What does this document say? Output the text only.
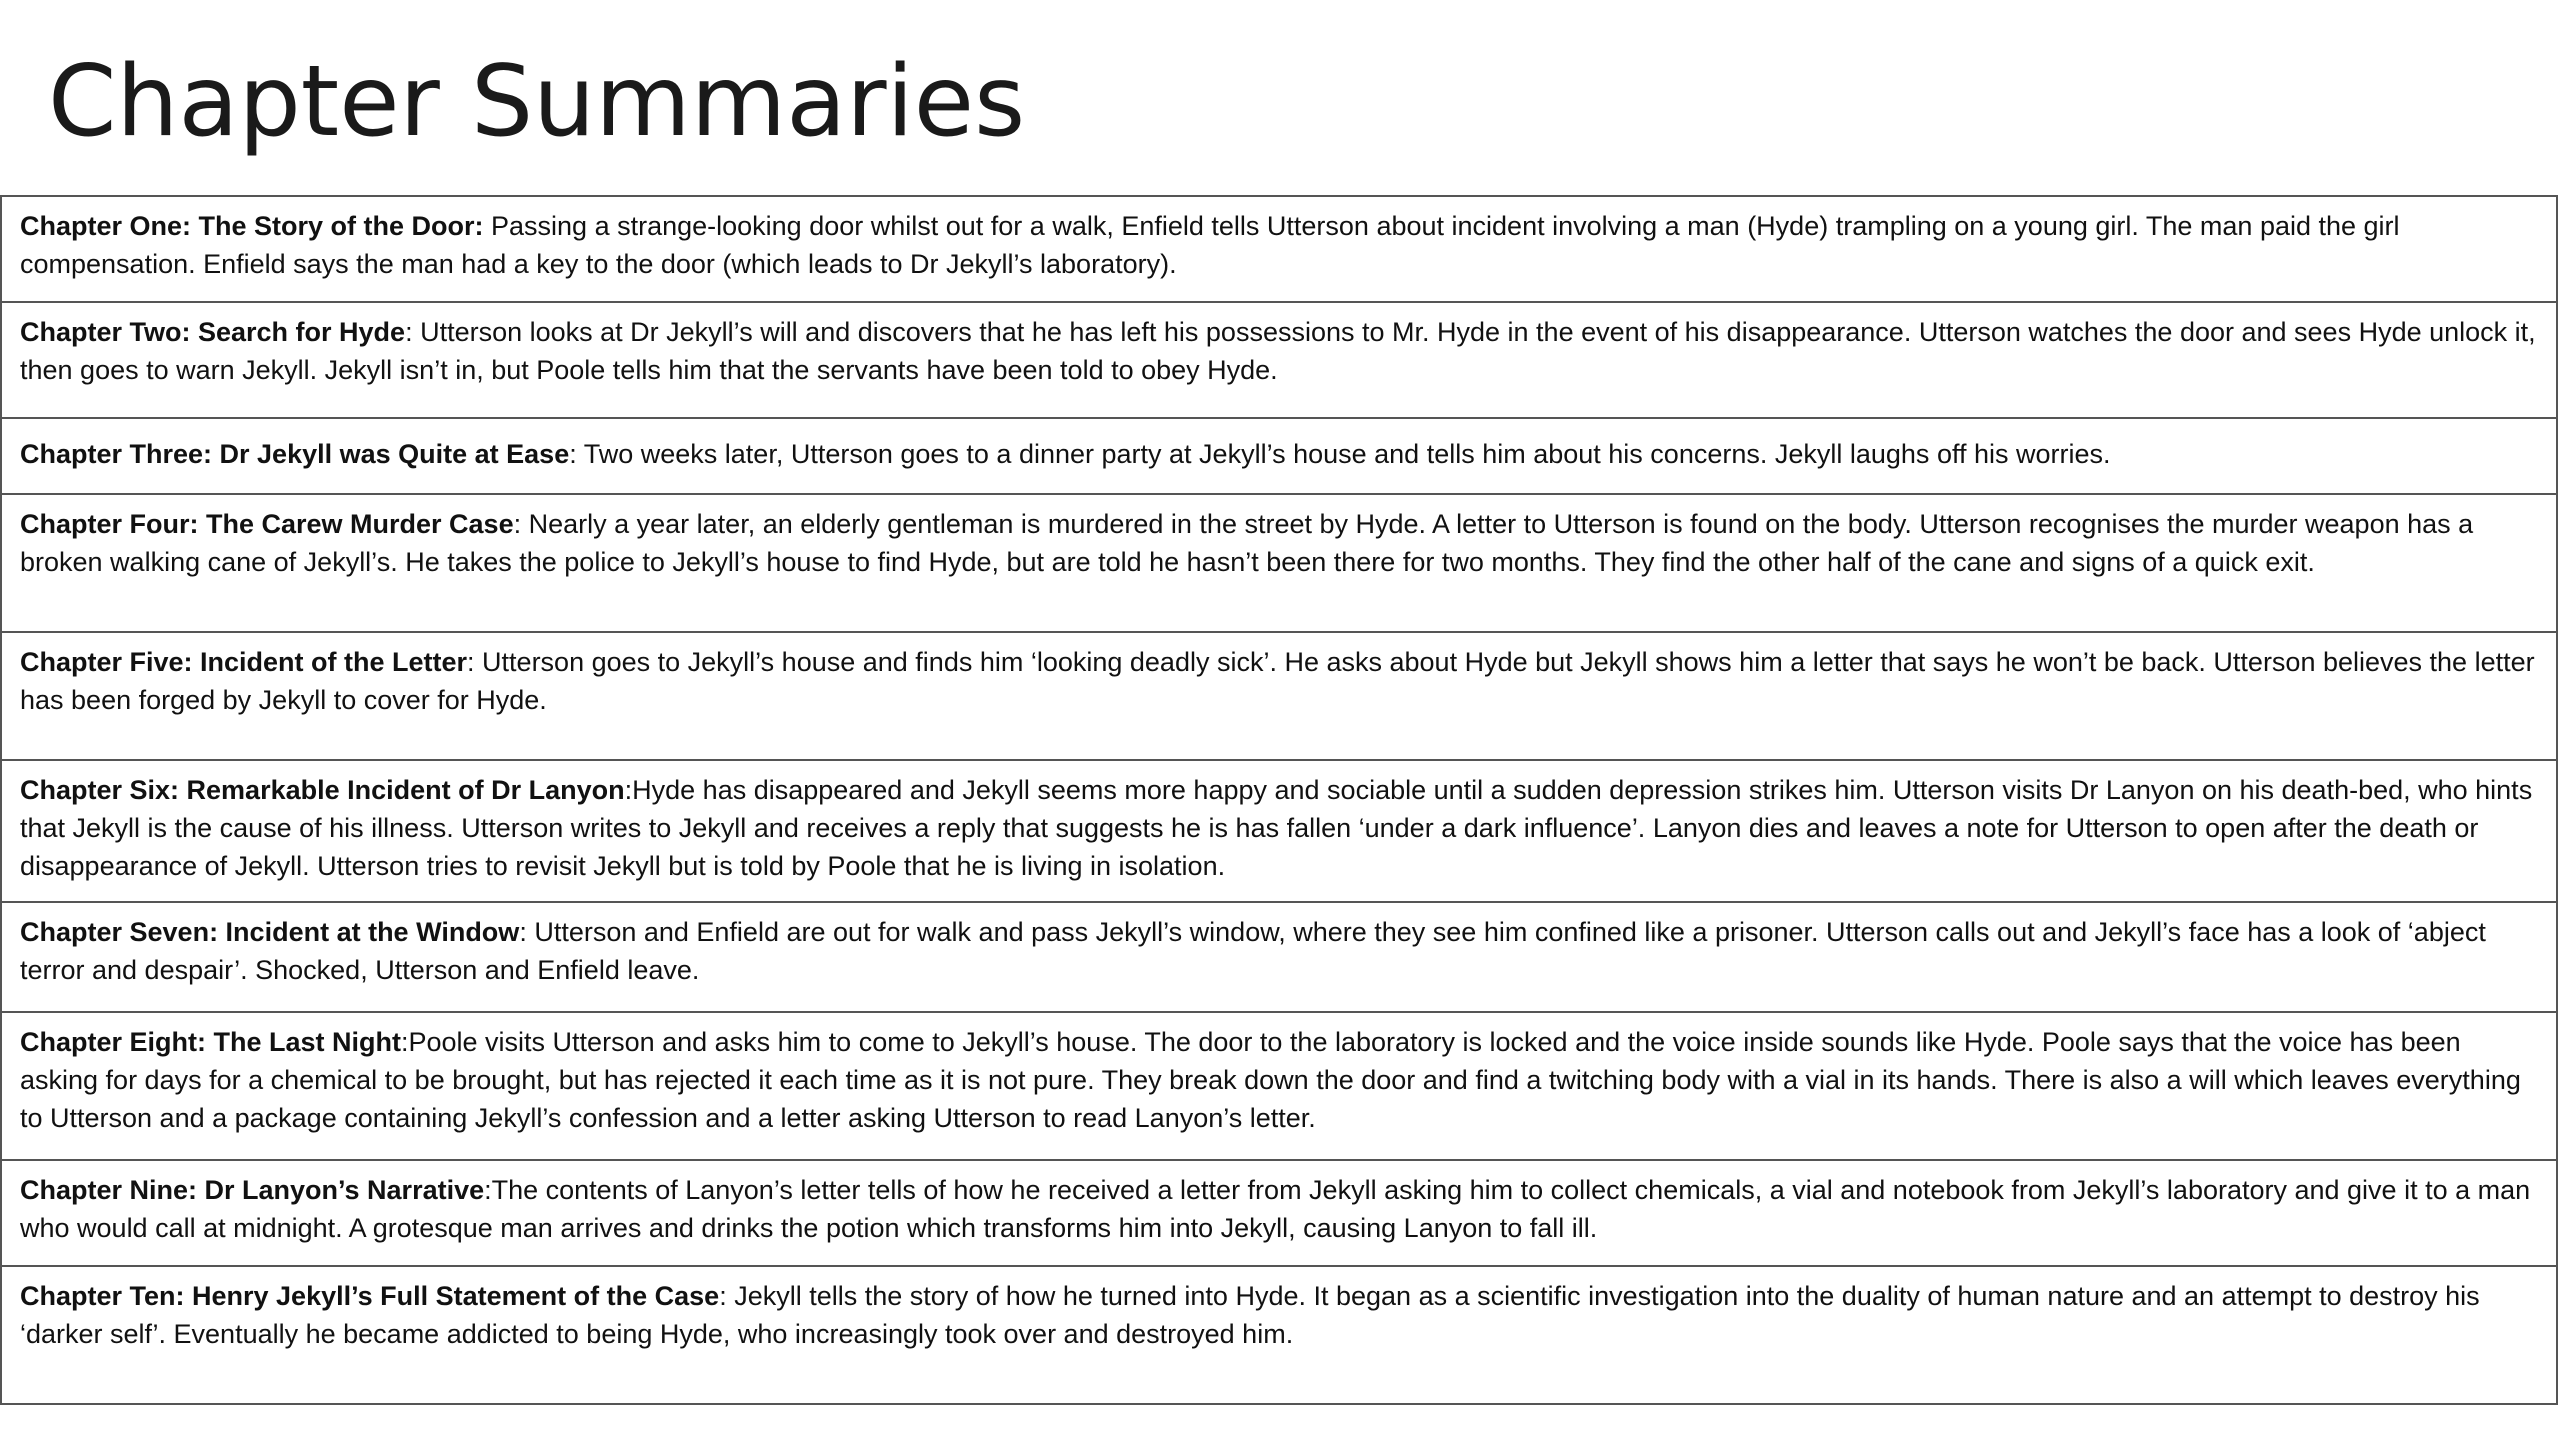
Chapter Summaries
Chapter One: The Story of the Door: Passing a strange-looking door whilst out for a walk, Enfield tells Utterson about incident involving a man (Hyde) trampling on a young girl. The man paid the girl compensation. Enfield says the man had a key to the door (which leads to Dr Jekyll’s laboratory).
Chapter Two: Search for Hyde: Utterson looks at Dr Jekyll’s will and discovers that he has left his possessions to Mr. Hyde in the event of his disappearance. Utterson watches the door and sees Hyde unlock it, then goes to warn Jekyll. Jekyll isn’t in, but Poole tells him that the servants have been told to obey Hyde.
Chapter Three: Dr Jekyll was Quite at Ease: Two weeks later, Utterson goes to a dinner party at Jekyll’s house and tells him about his concerns. Jekyll laughs off his worries.
Chapter Four: The Carew Murder Case: Nearly a year later, an elderly gentleman is murdered in the street by Hyde. A letter to Utterson is found on the body. Utterson recognises the murder weapon has a broken walking cane of Jekyll’s. He takes the police to Jekyll’s house to find Hyde, but are told he hasn’t been there for two months. They find the other half of the cane and signs of a quick exit.
Chapter Five: Incident of the Letter: Utterson goes to Jekyll’s house and finds him ‘looking deadly sick’. He asks about Hyde but Jekyll shows him a letter that says he won’t be back. Utterson believes the letter has been forged by Jekyll to cover for Hyde.
Chapter Six: Remarkable Incident of Dr Lanyon:Hyde has disappeared and Jekyll seems more happy and sociable until a sudden depression strikes him. Utterson visits Dr Lanyon on his death-bed, who hints that Jekyll is the cause of his illness. Utterson writes to Jekyll and receives a reply that suggests he is has fallen ‘under a dark influence’. Lanyon dies and leaves a note for Utterson to open after the death or disappearance of Jekyll. Utterson tries to revisit Jekyll but is told by Poole that he is living in isolation.
Chapter Seven: Incident at the Window: Utterson and Enfield are out for walk and pass Jekyll’s window, where they see him confined like a prisoner. Utterson calls out and Jekyll’s face has a look of ‘abject terror and despair’. Shocked, Utterson and Enfield leave.
Chapter Eight: The Last Night:Poole visits Utterson and asks him to come to Jekyll’s house. The door to the laboratory is locked and the voice inside sounds like Hyde. Poole says that the voice has been asking for days for a chemical to be brought, but has rejected it each time as it is not pure. They break down the door and find a twitching body with a vial in its hands. There is also a will which leaves everything to Utterson and a package containing Jekyll’s confession and a letter asking Utterson to read Lanyon’s letter.
Chapter Nine: Dr Lanyon’s Narrative:The contents of Lanyon’s letter tells of how he received a letter from Jekyll asking him to collect chemicals, a vial and notebook from Jekyll’s laboratory and give it to a man who would call at midnight. A grotesque man arrives and drinks the potion which transforms him into Jekyll, causing Lanyon to fall ill.
Chapter Ten: Henry Jekyll’s Full Statement of the Case: Jekyll tells the story of how he turned into Hyde. It began as a scientific investigation into the duality of human nature and an attempt to destroy his ‘darker self’. Eventually he became addicted to being Hyde, who increasingly took over and destroyed him.
